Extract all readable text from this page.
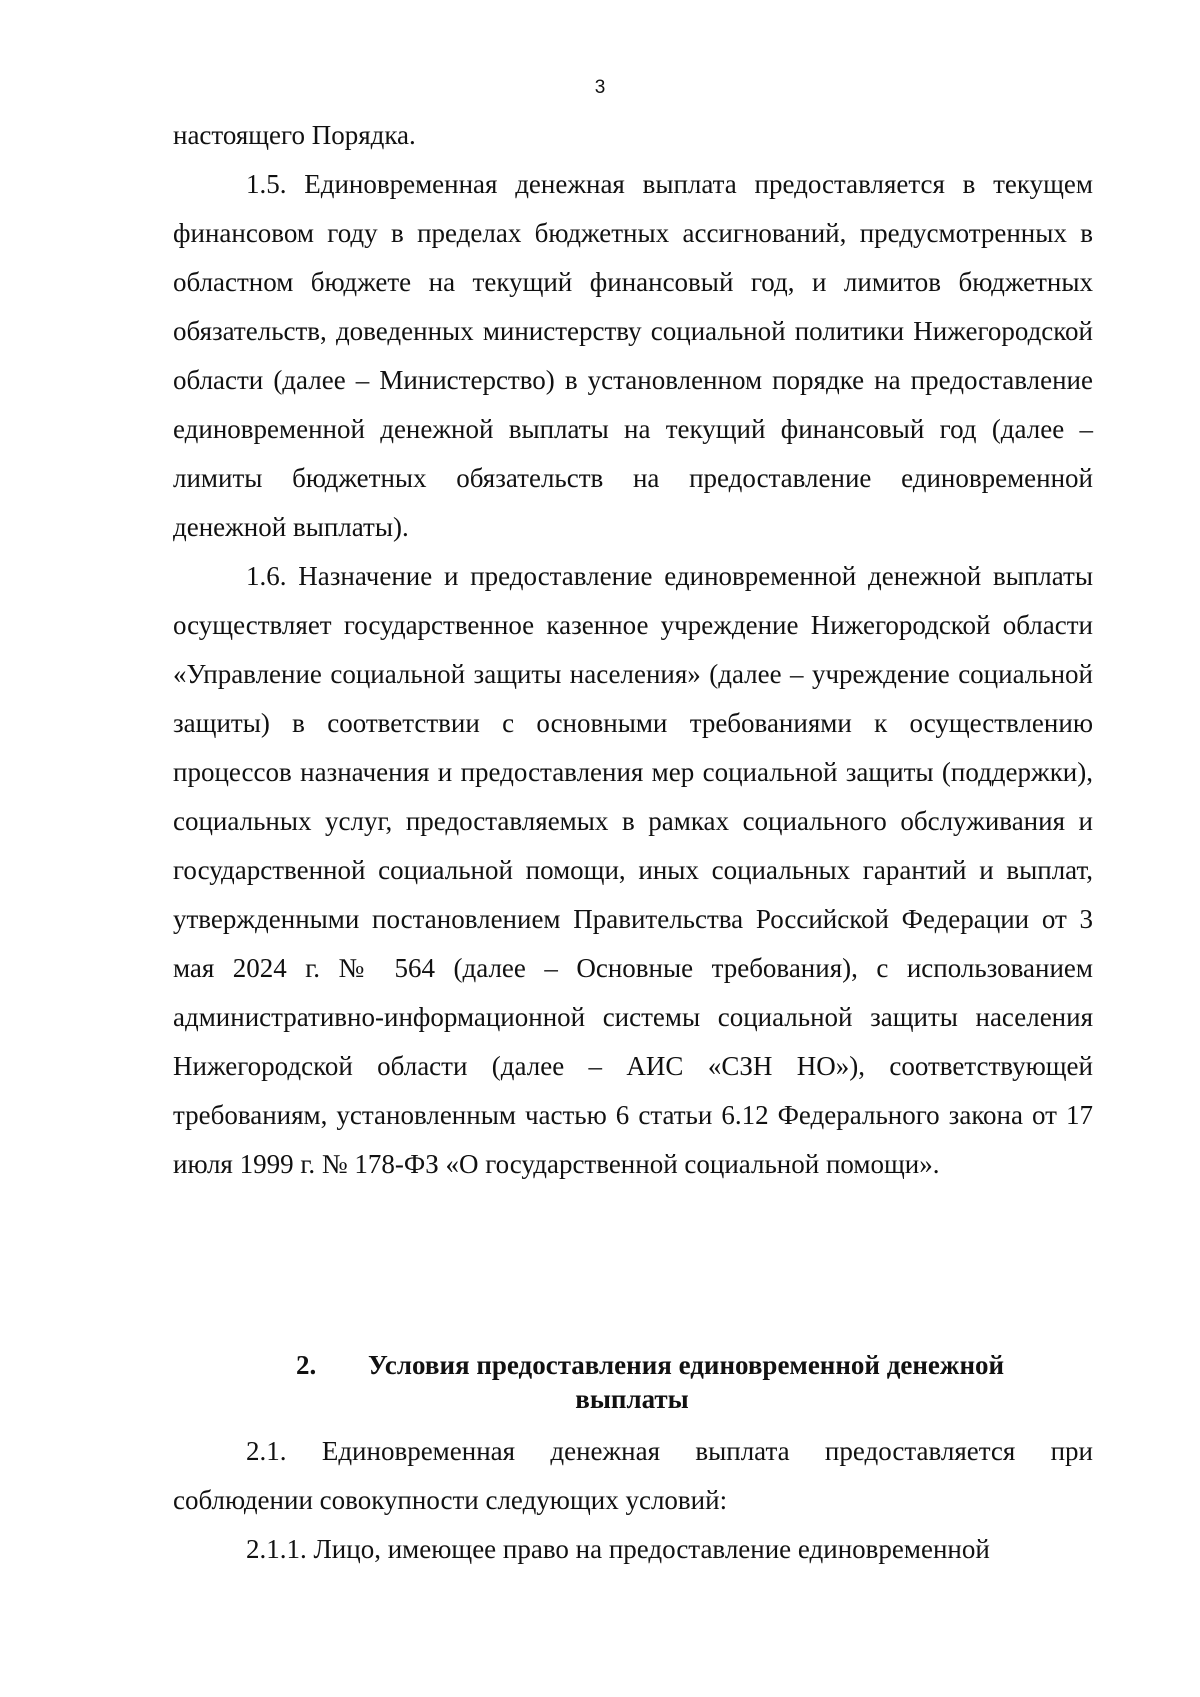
3

настоящего Порядка.

1.5. Единовременная денежная выплата предоставляется в текущем финансовом году в пределах бюджетных ассигнований, предусмотренных в областном бюджете на текущий финансовый год, и лимитов бюджетных обязательств, доведенных министерству социальной политики Нижегородской области (далее – Министерство) в установленном порядке на предоставление единовременной денежной выплаты на текущий финансовый год (далее – лимиты бюджетных обязательств на предоставление единовременной денежной выплаты).

1.6. Назначение и предоставление единовременной денежной выплаты осуществляет государственное казенное учреждение Нижегородской области «Управление социальной защиты населения» (далее – учреждение социальной защиты) в соответствии с основными требованиями к осуществлению процессов назначения и предоставления мер социальной защиты (поддержки), социальных услуг, предоставляемых в рамках социального обслуживания и государственной социальной помощи, иных социальных гарантий и выплат, утвержденными постановлением Правительства Российской Федерации от 3 мая 2024 г. № 564 (далее – Основные требования), с использованием административно-информационной системы социальной защиты населения Нижегородской области (далее – АИС «СЗН НО»), соответствующей требованиям, установленным частью 6 статьи 6.12 Федерального закона от 17 июля 1999 г. № 178-ФЗ «О государственной социальной помощи».

2. Условия предоставления единовременной денежной
выплаты

2.1. Единовременная денежная выплата предоставляется при соблюдении совокупности следующих условий:

2.1.1. Лицо, имеющее право на предоставление единовременной
